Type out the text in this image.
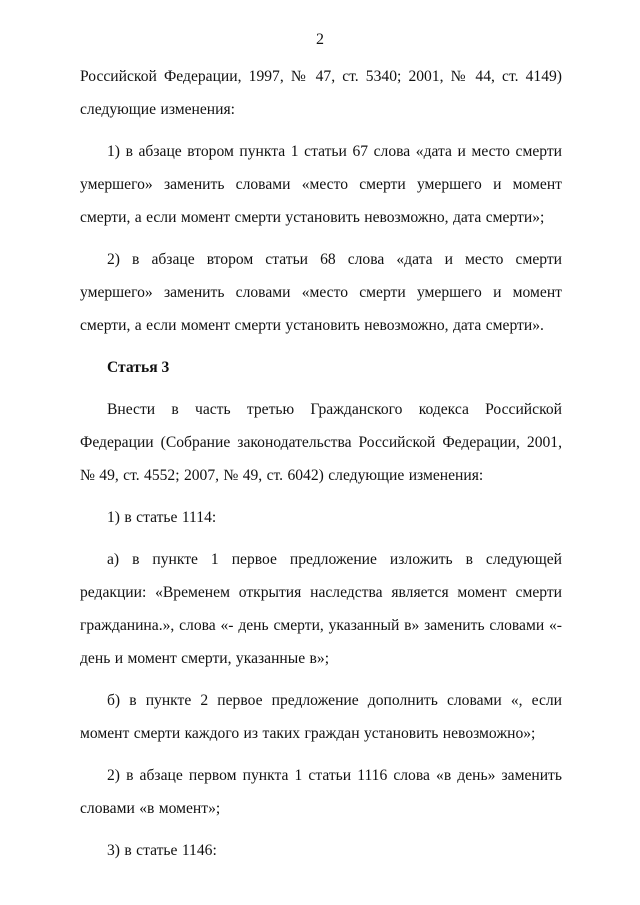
2

Российской Федерации, 1997, № 47, ст. 5340; 2001, № 44, ст. 4149) следующие изменения:

1) в абзаце втором пункта 1 статьи 67 слова «дата и место смерти умершего» заменить словами «место смерти умершего и момент смерти, а если момент смерти установить невозможно, дата смерти»;

2) в абзаце втором статьи 68 слова «дата и место смерти умершего» заменить словами «место смерти умершего и момент смерти, а если момент смерти установить невозможно, дата смерти».

Статья 3

Внести в часть третью Гражданского кодекса Российской Федерации (Собрание законодательства Российской Федерации, 2001, № 49, ст. 4552; 2007, № 49, ст. 6042) следующие изменения:

1) в статье 1114:

а) в пункте 1 первое предложение изложить в следующей редакции: «Временем открытия наследства является момент смерти гражданина.», слова «- день смерти, указанный в» заменить словами «- день и момент смерти, указанные в»;

б) в пункте 2 первое предложение дополнить словами «, если момент смерти каждого из таких граждан установить невозможно»;

2) в абзаце первом пункта 1 статьи 1116 слова «в день» заменить словами «в момент»;

3) в статье 1146:
